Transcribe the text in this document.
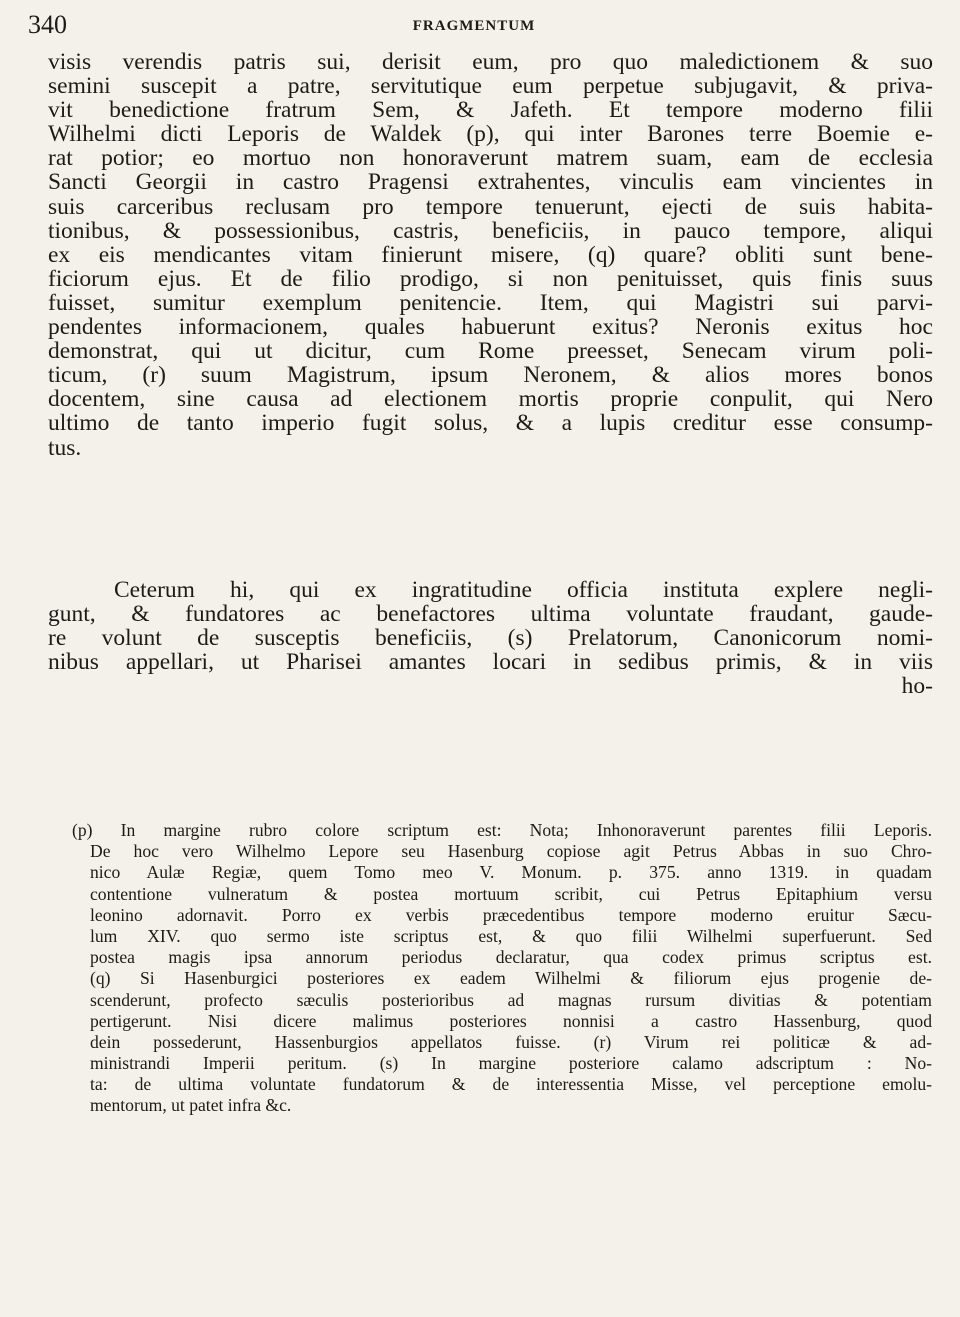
340	FRAGMENTUM
visis verendis patris sui, derisit eum, pro quo maledictionem & suo
semini suscepit a patre, servitutique eum perpetue subjugavit, & priva-
vit benedictione fratrum Sem, & Jafeth. Et tempore moderno filii
Wilhelmi dicti Leporis de Waldek (p), qui inter Barones terre Boemie e-
rat potior; eo mortuo non honoraverunt matrem suam, eam de ecclesia
Sancti Georgii in castro Pragensi extrahentes, vinculis eam vincientes in
suis carceribus reclusam pro tempore tenuerunt, ejecti de suis habita-
tionibus, & possessionibus, castris, beneficiis, in pauco tempore, aliqui
ex eis mendicantes vitam finierunt misere, (q) quare? obliti sunt bene-
ficiorum ejus. Et de filio prodigo, si non penituisset, quis finis suus
fuisset, sumitur exemplum penitencie. Item, qui Magistri sui parvi-
pendentes informacionem, quales habuerunt exitus? Neronis exitus hoc
demonstrat, qui ut dicitur, cum Rome preesset, Senecam virum poli-
ticum, (r) suum Magistrum, ipsum Neronem, & alios mores bonos
docentem, sine causa ad electionem mortis proprie conpulit, qui Nero
ultimo de tanto imperio fugit solus, & a lupis creditur esse consump-
tus.
Ceterum hi, qui ex ingratitudine officia instituta explere negli-
gunt, & fundatores ac benefactores ultima voluntate fraudant, gaude-
re volunt de susceptis beneficiis, (s) Prelatorum, Canonicorum nomi-
nibus appellari, ut Pharisei amantes locari in sedibus primis, & in viis
ho-
(p) In margine rubro colore scriptum est: Nota; Inhonoraverunt parentes filii Leporis.
De hoc vero Wilhelmo Lepore seu Hasenburg copiose agit Petrus Abbas in suo Chro-
nico Aulæ Regiæ, quem Tomo meo V. Monum. p. 375. anno 1319. in quadam
contentione vulneratum & postea mortuum scribit, cui Petrus Epitaphium versu
leonino adornavit. Porro ex verbis præcedentibus tempore moderno eruitur Sæcu-
lum XIV. quo sermo iste scriptus est, & quo filii Wilhelmi superfuerunt. Sed
postea magis ipsa annorum periodus declaratur, qua codex primus scriptus est.
(q) Si Hasenburgici posteriores ex eadem Wilhelmi & filiorum ejus progenie de-
scenderunt, profecto sæculis posterioribus ad magnas rursum divitias & potentiam
pertigerunt. Nisi dicere malimus posteriores nonnisi a castro Hassenburg, quod
dein possederunt, Hassenburgios appellatos fuisse. (r) Virum rei politicæ & ad-
ministrandi Imperii peritum. (s) In margine posteriore calamo adscriptum : No-
ta: de ultima voluntate fundatorum & de interessentia Misse, vel perceptione emolu-
mentorum, ut patet infra &c.
